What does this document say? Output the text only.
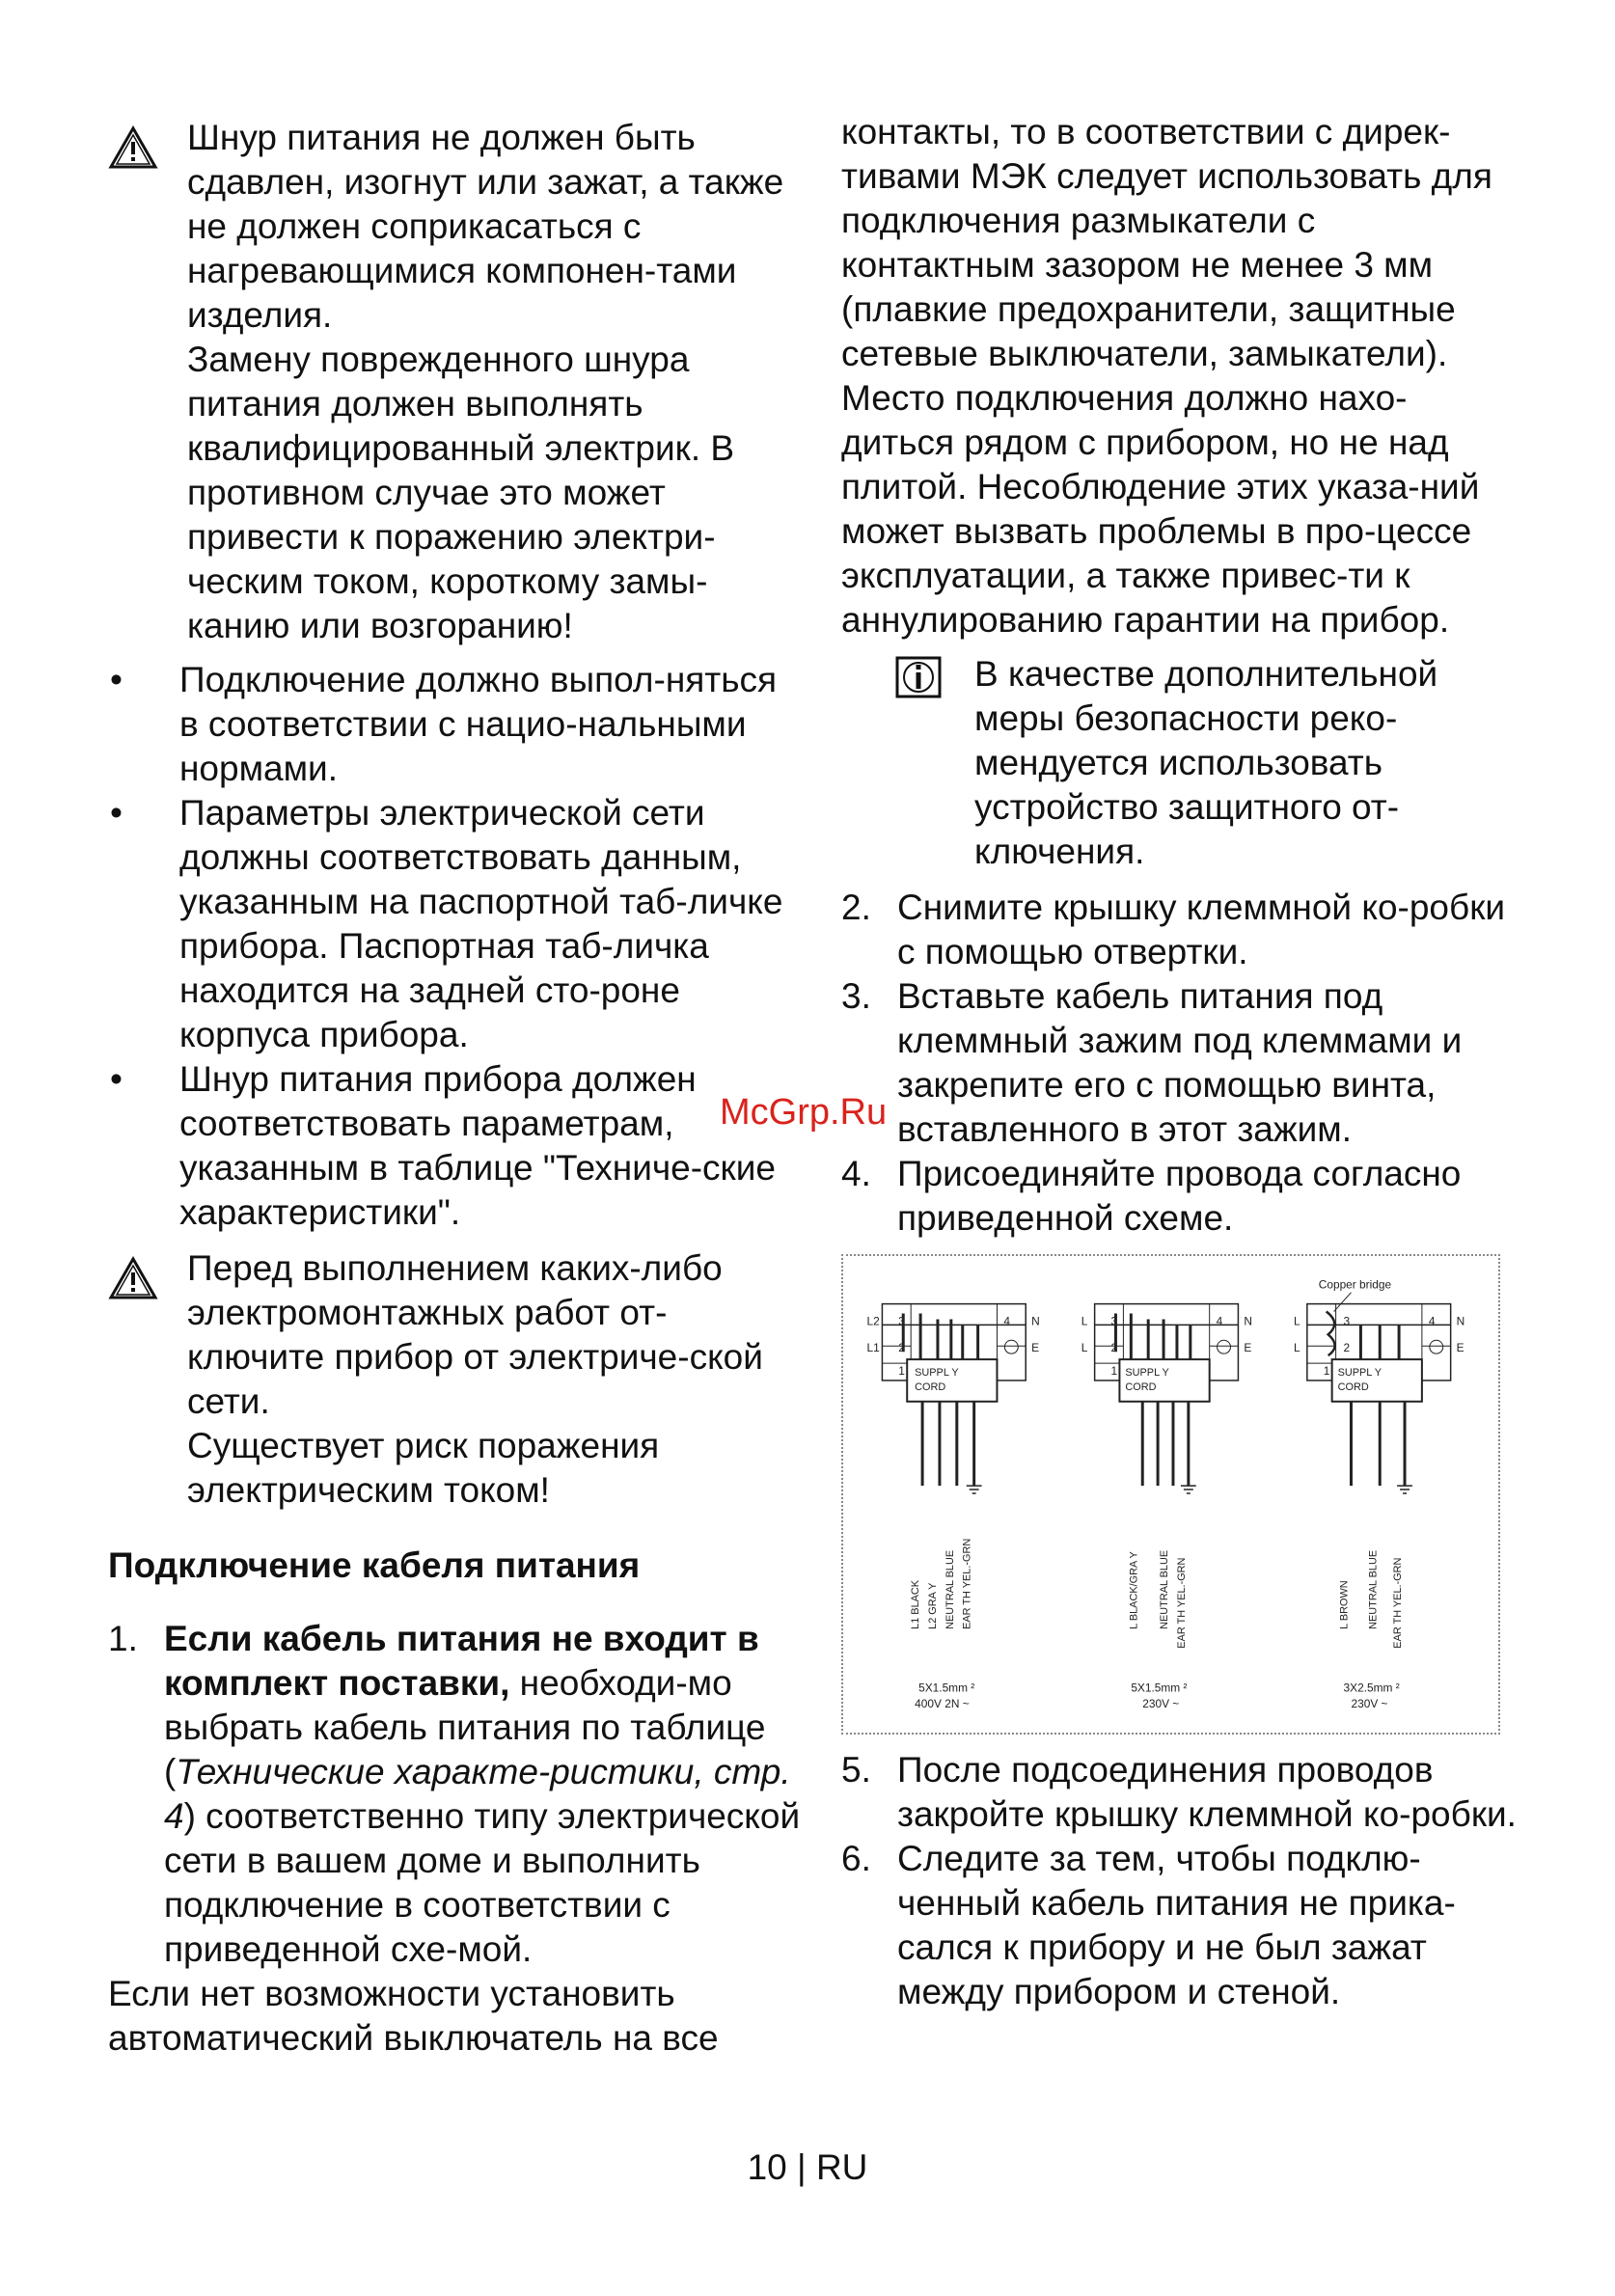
Шнур питания не должен быть сдавлен, изогнут или зажат, а также не должен соприкасаться с нагревающимися компонен-тами изделия.

Замену поврежденного шнура питания должен выполнять квалифицированный электрик. В противном случае это может привести к поражению электри-ческим током, короткому замы-канию или возгоранию!

• Подключение должно выпол-няться в соответствии с нацио-нальными нормами.
• Параметры электрической сети должны соответствовать данным, указанным на паспортной таб-личке прибора. Паспортная таб-личка находится на задней сто-роне корпуса прибора.
• Шнур питания прибора должен соответствовать параметрам, указанным в таблице "Техниче-ские характеристики".

Перед выполнением каких-либо электромонтажных работ от-ключите прибор от электриче-ской сети.

Существует риск поражения электрическим током!

Подключение кабеля питания
1. Если кабель питания не входит в комплект поставки, необходи-мо выбрать кабель питания по таблице (Технические характе-ристики, стр. 4) соответственно типу электрической сети в вашем доме и выполнить подключение в соответствии с приведенной схе-мой.

Если нет возможности установить автоматический выключатель на все

контакты, то в соответствии с дирек-тивами МЭК следует использовать для подключения размыкатели с контактным зазором не менее 3 мм (плавкие предохранители, защитные сетевые выключатели, замыкатели). Место подключения должно нахо-диться рядом с прибором, но не над плитой. Несоблюдение этих указа-ний может вызвать проблемы в про-цессе эксплуатации, а также привес-ти к аннулированию гарантии на прибор.

В качестве дополнительной меры безопасности реко-мендуется использовать устройство защитного от-ключения.
2. Снимите крышку клеммной ко-робки с помощью отвертки.
3. Вставьте кабель питания под клеммный зажим под клеммами и закрепите его с помощью винта, вставленного в этот зажим.
4. Присоединяйте провода согласно приведенной схеме.
L2
L1
3
2
1
4 N
E
SUPPL Y
CORD
L1 BLACK L2 GRA Y NEUTRAL BLUE EAR TH YEL.-GRN
5X1.5mm ²
400V 2N ~
L
L
3
2
1
4 N
E
SUPPL Y
CORD
L BLACK/GRA Y NEUTRAL BLUE EAR TH YEL.-GRN
5X1.5mm ²
230V ~
Copper bridge
L
L
3
2
1
4 N
E
SUPPL Y
CORD
L BROWN NEUTRAL BLUE EAR TH YEL.-GRN
3X2.5mm ²
230V ~
5. После подсоединения проводов закройте крышку клеммной ко-робки.
6. Следите за тем, чтобы подклю-ченный кабель питания не прика-сался к прибору и не был зажат между прибором и стеной.
McGrp.Ru
10 | RU
